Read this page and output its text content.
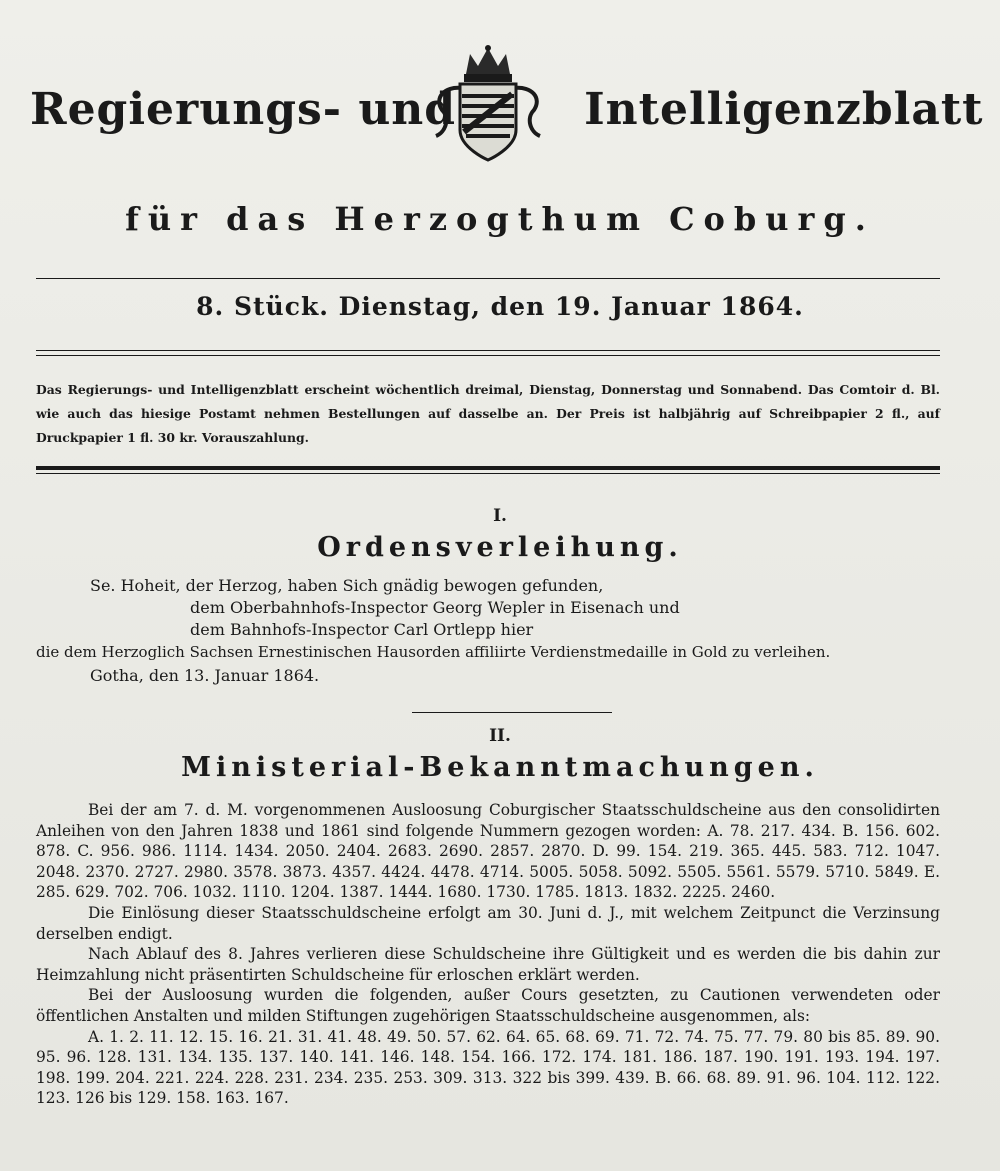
Regierungs- und	Intelligenzblatt
für das Herzogthum Coburg.
8. Stück. Dienstag, den 19. Januar 1864.
Das Regierungs- und Intelligenzblatt erscheint wöchentlich dreimal, Dienstag, Donnerstag und Sonnabend. Das Comtoir d. Bl. wie auch das hiesige Postamt nehmen Bestellungen auf dasselbe an. Der Preis ist halbjährig auf Schreibpapier 2 fl., auf Druckpapier 1 fl. 30 kr. Vorauszahlung.
I.
Ordensverleihung.
Se. Hoheit, der Herzog, haben Sich gnädig bewogen gefunden,
dem Oberbahnhofs-Inspector Georg Wepler in Eisenach und
dem Bahnhofs-Inspector Carl Ortlepp hier
die dem Herzoglich Sachsen Ernestinischen Hausorden affiliirte Verdienstmedaille in Gold zu verleihen.
Gotha, den 13. Januar 1864.
II.
Ministerial-Bekanntmachungen.

Bei der am 7. d. M. vorgenommenen Ausloosung Coburgischer Staatsschuldscheine aus den consolidirten Anleihen von den Jahren 1838 und 1861 sind folgende Nummern gezogen worden: A. 78. 217. 434. B. 156. 602. 878. C. 956. 986. 1114. 1434. 2050. 2404. 2683. 2690. 2857. 2870. D. 99. 154. 219. 365. 445. 583. 712. 1047. 2048. 2370. 2727. 2980. 3578. 3873. 4357. 4424. 4478. 4714. 5005. 5058. 5092. 5505. 5561. 5579. 5710. 5849. E. 285. 629. 702. 706. 1032. 1110. 1204. 1387. 1444. 1680. 1730. 1785. 1813. 1832. 2225. 2460.

Die Einlösung dieser Staatsschuldscheine erfolgt am 30. Juni d. J., mit welchem Zeitpunct die Verzinsung derselben endigt.

Nach Ablauf des 8. Jahres verlieren diese Schuldscheine ihre Gültigkeit und es werden die bis dahin zur Heimzahlung nicht präsentirten Schuldscheine für erloschen erklärt werden.

Bei der Ausloosung wurden die folgenden, außer Cours gesetzten, zu Cautionen verwendeten oder öffentlichen Anstalten und milden Stiftungen zugehörigen Staatsschuldscheine ausgenommen, als:

A. 1. 2. 11. 12. 15. 16. 21. 31. 41. 48. 49. 50. 57. 62. 64. 65. 68. 69. 71. 72. 74. 75. 77. 79. 80 bis 85. 89. 90. 95. 96. 128. 131. 134. 135. 137. 140. 141. 146. 148. 154. 166. 172. 174. 181. 186. 187. 190. 191. 193. 194. 197. 198. 199. 204. 221. 224. 228. 231. 234. 235. 253. 309. 313. 322 bis 399. 439. B. 66. 68. 89. 91. 96. 104. 112. 122. 123. 126 bis 129. 158. 163. 167.
